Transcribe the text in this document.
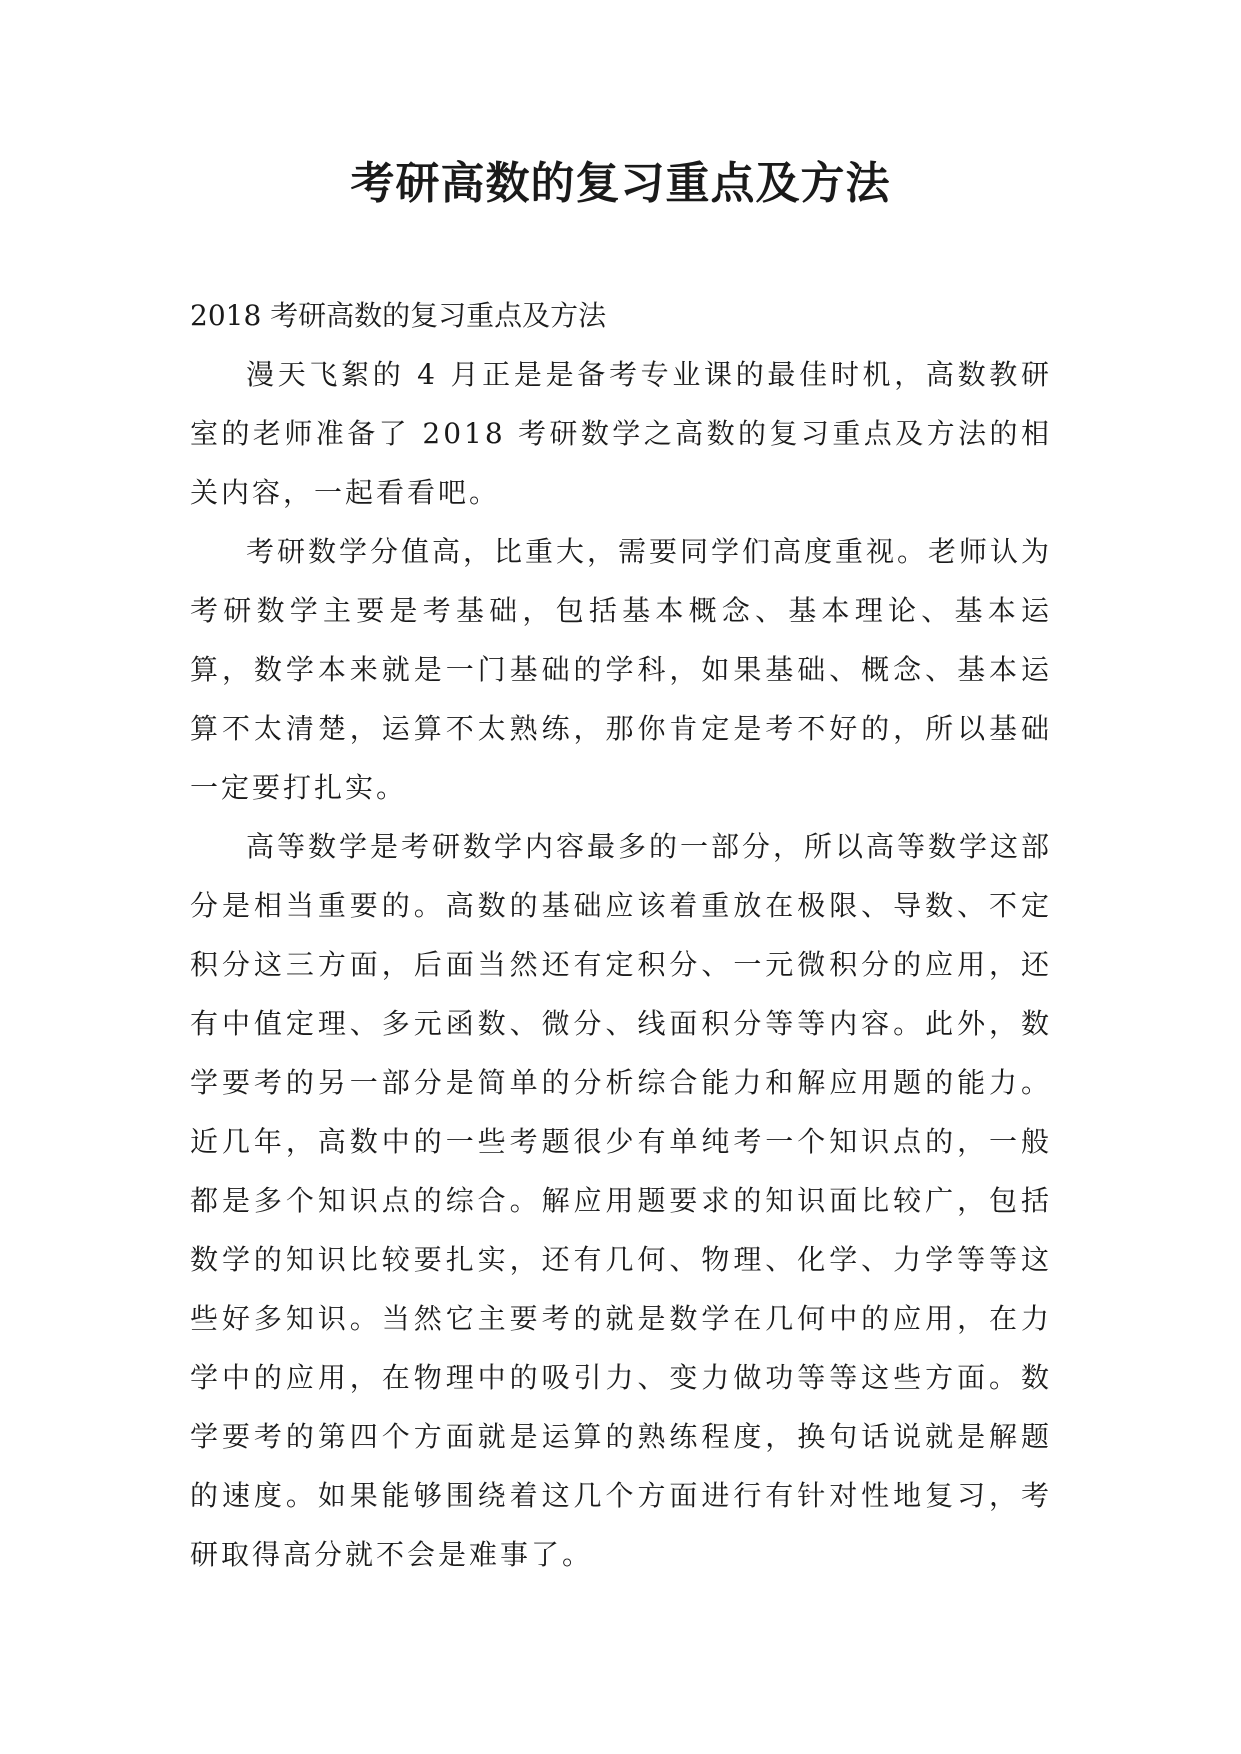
考研高数的复习重点及方法

2018 考研高数的复习重点及方法

漫天飞絮的 4 月正是是备考专业课的最佳时机，高数教研室的老师准备了 2018 考研数学之高数的复习重点及方法的相关内容，一起看看吧。

考研数学分值高，比重大，需要同学们高度重视。老师认为考研数学主要是考基础，包括基本概念、基本理论、基本运算，数学本来就是一门基础的学科，如果基础、概念、基本运算不太清楚，运算不太熟练，那你肯定是考不好的，所以基础一定要打扎实。

高等数学是考研数学内容最多的一部分，所以高等数学这部分是相当重要的。高数的基础应该着重放在极限、导数、不定积分这三方面，后面当然还有定积分、一元微积分的应用，还有中值定理、多元函数、微分、线面积分等等内容。此外，数学要考的另一部分是简单的分析综合能力和解应用题的能力。近几年，高数中的一些考题很少有单纯考一个知识点的，一般都是多个知识点的综合。解应用题要求的知识面比较广，包括数学的知识比较要扎实，还有几何、物理、化学、力学等等这些好多知识。当然它主要考的就是数学在几何中的应用，在力学中的应用，在物理中的吸引力、变力做功等等这些方面。数学要考的第四个方面就是运算的熟练程度，换句话说就是解题的速度。如果能够围绕着这几个方面进行有针对性地复习，考研取得高分就不会是难事了。
